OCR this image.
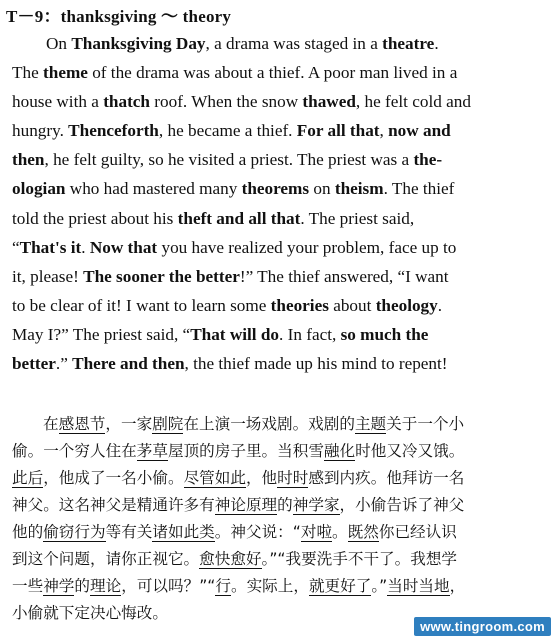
T－9：thanksgiving ～ theory
On Thanksgiving Day, a drama was staged in a theatre.
The theme of the drama was about a thief. A poor man lived in a
house with a thatch roof. When the snow thawed, he felt cold and
hungry. Thenceforth, he became a thief. For all that, now and
then, he felt guilty, so he visited a priest. The priest was a the-
ologian who had mastered many theorems on theism. The thief
told the priest about his theft and all that. The priest said,
“That's it. Now that you have realized your problem, face up to
it, please! The sooner the better!” The thief answered, “I want
to be clear of it! I want to learn some theories about theology.
May I?” The priest said, “That will do. In fact, so much the
better.” There and then, the thief made up his mind to repent!
在感恩节，一家剧院在上演一场戏剧。戏剧的主题关于一个小
偷。一个穷人住在茅草屋顶的房子里。当积雪融化时他又冷又饿。
此后，他成了一名小偷。尽管如此，他时时感到内疚。他拜访一名
神父。这名神父是精通许多有神论原理的神学家，小偷告诉了神父
他的偷窃行为等有关诸如此类。神父说：“对啦。既然你已经认识
到这个问题，请你正视它。愈快愈好。”“我要洗手不干了。我想学
一些神学的理论，可以吗？”“行。实际上，就更好了。”当时当地，
小偷就下定决心悔改。
www.tingroom.com
